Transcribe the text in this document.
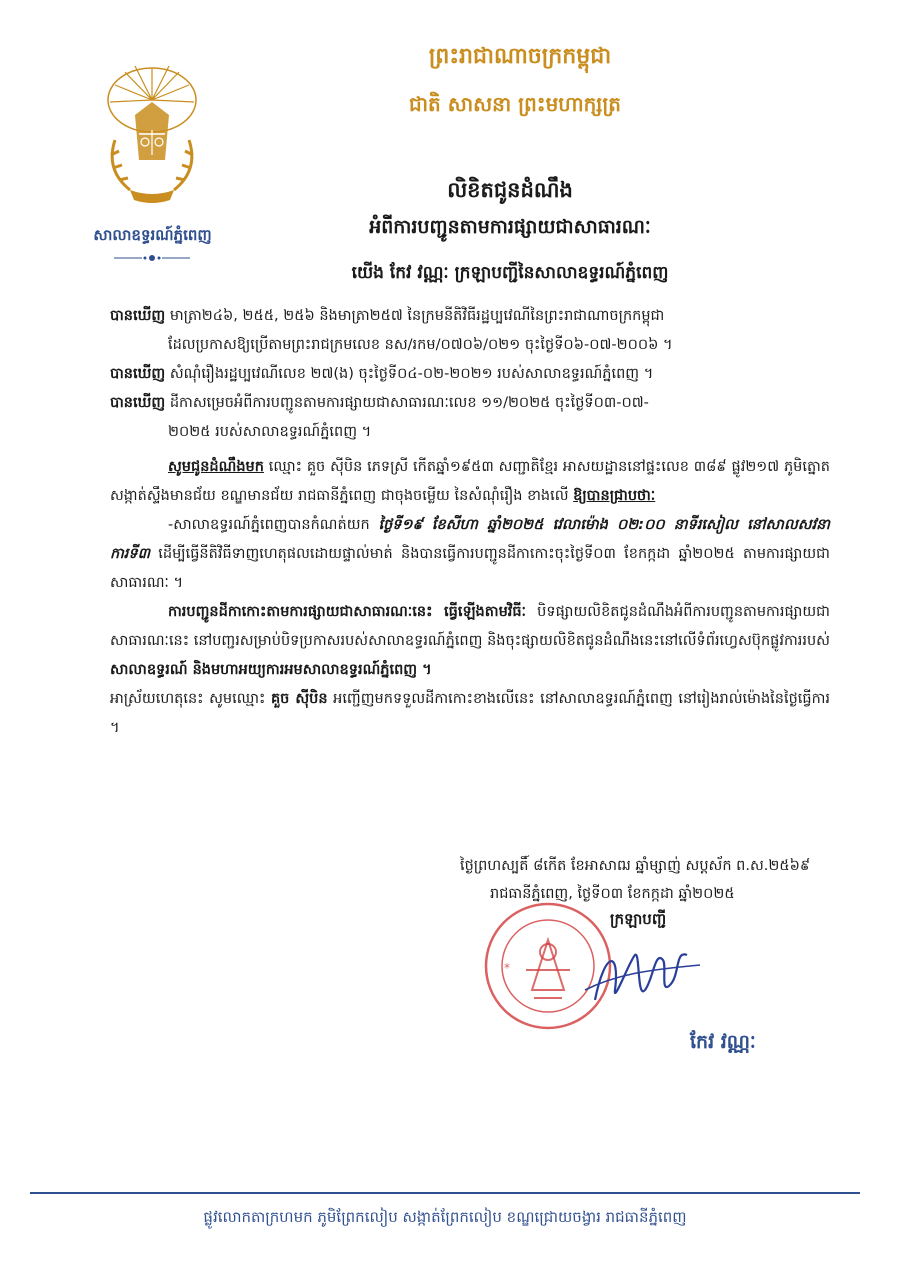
សាលាឧទ្ធរណ៍ភ្នំពេញ
ព្រះរាជាណាចក្រកម្ពុជា
ជាតិ សាសនា ព្រះមហាក្សត្រ
លិខិតជូនដំណឹង
អំពីការបញ្ជូនតាមការផ្សាយជាសាធារណៈ
យើង កែវ វណ្ណៈ ក្រឡាបញ្ជីនៃសាលាឧទ្ធរណ៍ភ្នំពេញ

បានឃើញ មាត្រា២៤៦, ២៥៥, ២៥៦ និងមាត្រា២៥៧ នៃក្រមនីតិវិធីរដ្ឋប្បវេណីនៃព្រះរាជាណាចក្រកម្ពុជា

ដែលប្រកាសឱ្យប្រើតាមព្រះរាជក្រមលេខ នស/រកម/០៧០៦/០២១ ចុះថ្ងៃទី០៦-០៧-២០០៦ ។

បានឃើញ សំណុំរឿងរដ្ឋប្បវេណីលេខ ២៧(ង) ចុះថ្ងៃទី០៤-០២-២០២១ របស់សាលាឧទ្ធរណ៍ភ្នំពេញ ។

បានឃើញ ដីកាសម្រេចអំពីការបញ្ជូនតាមការផ្សាយជាសាធារណៈលេខ ១១/២០២៥ ចុះថ្ងៃទី០៣-០៧-

២០២៥ របស់សាលាឧទ្ធរណ៍ភ្នំពេញ ។

សូមជូនដំណឹងមក ឈ្មោះ គួច ស៊ីបិន ភេទស្រី កើតឆ្នាំ១៩៥៣ សញ្ជាតិខ្មែរ អាសយដ្ឋាននៅផ្ទះលេខ ៣៨៩ ផ្លូវ២១៧ ភូមិត្នោត សង្កាត់ស្ទឹងមានជ័យ ខណ្ឌមានជ័យ រាជធានីភ្នំពេញ ជាចុងចម្លើយ នៃសំណុំរឿង ខាងលើ ឱ្យបានជ្រាបថាៈ

-សាលាឧទ្ធរណ៍ភ្នំពេញបានកំណត់យក ថ្ងៃទី១៩ ខែសីហា ឆ្នាំ២០២៥ វេលាម៉ោង ០២:០០ នាទីរសៀល នៅសាលសវនាការទី៣ ដើម្បីធ្វើនីតិវិធីទាញហេតុផលដោយផ្ទាល់មាត់ និងបានធ្វើការបញ្ជូនដីកាកោះចុះថ្ងៃទី០៣ ខែកក្កដា ឆ្នាំ២០២៥ តាមការផ្សាយជាសាធារណៈ ។

ការបញ្ជូនដីកាកោះតាមការផ្សាយជាសាធារណៈនេះ ធ្វើឡើងតាមវិធីៈ បិទផ្សាយលិខិតជូនដំណឹងអំពីការបញ្ជូនតាមការផ្សាយជាសាធារណៈនេះ នៅបញ្ជរសម្រាប់បិទប្រកាសរបស់សាលាឧទ្ធរណ៍ភ្នំពេញ និងចុះផ្សាយលិខិតជូនដំណឹងនេះនៅលើទំព័រហ្វេសប៊ុកផ្លូវការរបស់ សាលាឧទ្ធរណ៍ និងមហាអយ្យការអមសាលាឧទ្ធរណ៍ភ្នំពេញ ។

អាស្រ័យហេតុនេះ សូមឈ្មោះ គួច ស៊ីបិន អញ្ជើញមកទទួលដីកាកោះខាងលើនេះ នៅសាលាឧទ្ធរណ៍ភ្នំពេញ នៅរៀងរាល់ម៉ោងនៃថ្ងៃធ្វើការ ។

ថ្ងៃព្រហស្បតិ៍ ៨កើត ខែអាសាឍ ឆ្នាំម្សាញ់ សប្តស័ក ព.ស.២៥៦៩
រាជធានីភ្នំពេញ, ថ្ងៃទី០៣ ខែកក្កដា ឆ្នាំ២០២៥
*
ក្រឡាបញ្ជី
កែវ វណ្ណៈ
ផ្លូវលោកតាក្រហមក ភូមិព្រែកលៀប សង្កាត់ព្រែកលៀប ខណ្ឌជ្រោយចង្វារ រាជធានីភ្នំពេញ
